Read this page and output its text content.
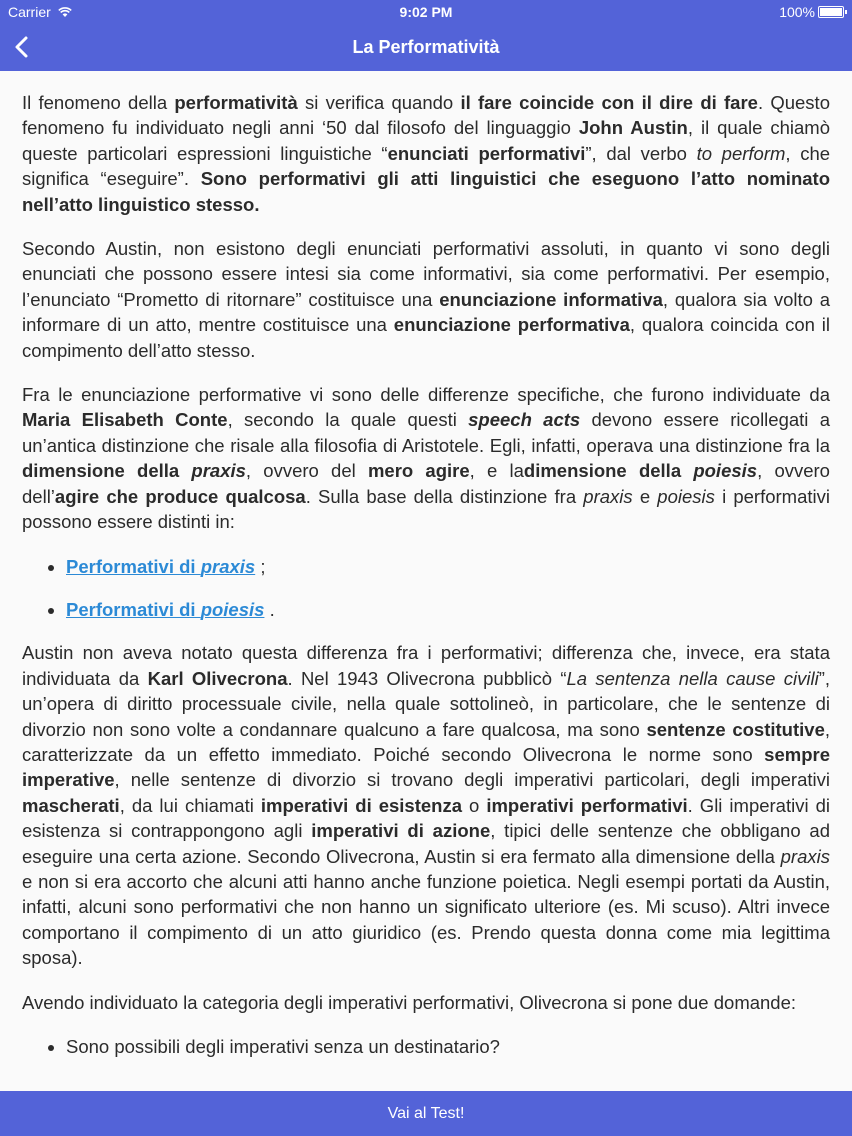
Carrier	9:02 PM	100%
La Performatività

Il fenomeno della performatività si verifica quando il fare coincide con il dire di fare. Questo fenomeno fu individuato negli anni ‘50 dal filosofo del linguaggio John Austin, il quale chiamò queste particolari espressioni linguistiche “enunciati performativi”, dal verbo to perform, che significa “eseguire”. Sono performativi gli atti linguistici che eseguono l’atto nominato nell’atto linguistico stesso.

Secondo Austin, non esistono degli enunciati performativi assoluti, in quanto vi sono degli enunciati che possono essere intesi sia come informativi, sia come performativi. Per esempio, l’enunciato “Prometto di ritornare” costituisce una enunciazione informativa, qualora sia volto a informare di un atto, mentre costituisce una enunciazione performativa, qualora coincida con il compimento dell’atto stesso.

Fra le enunciazione performative vi sono delle differenze specifiche, che furono individuate da Maria Elisabeth Conte, secondo la quale questi speech acts devono essere ricollegati a un’antica distinzione che risale alla filosofia di Aristotele. Egli, infatti, operava una distinzione fra la dimensione della praxis, ovvero del mero agire, e ladimensione della poiesis, ovvero dell’agire che produce qualcosa. Sulla base della distinzione fra praxis e poiesis i performativi possono essere distinti in:

• Performativi di praxis ;
• Performativi di poiesis .

Austin non aveva notato questa differenza fra i performativi; differenza che, invece, era stata individuata da Karl Olivecrona. Nel 1943 Olivecrona pubblicò “La sentenza nella cause civili”, un’opera di diritto processuale civile, nella quale sottolineò, in particolare, che le sentenze di divorzio non sono volte a condannare qualcuno a fare qualcosa, ma sono sentenze costitutive, caratterizzate da un effetto immediato. Poiché secondo Olivecrona le norme sono sempre imperative, nelle sentenze di divorzio si trovano degli imperativi particolari, degli imperativi mascherati, da lui chiamati imperativi di esistenza o imperativi performativi. Gli imperativi di esistenza si contrappongono agli imperativi di azione, tipici delle sentenze che obbligano ad eseguire una certa azione. Secondo Olivecrona, Austin si era fermato alla dimensione della praxis e non si era accorto che alcuni atti hanno anche funzione poietica. Negli esempi portati da Austin, infatti, alcuni sono performativi che non hanno un significato ulteriore (es. Mi scuso). Altri invece comportano il compimento di un atto giuridico (es. Prendo questa donna come mia legittima sposa).

Avendo individuato la categoria degli imperativi performativi, Olivecrona si pone due domande:

• Sono possibili degli imperativi senza un destinatario?
Vai al Test!
